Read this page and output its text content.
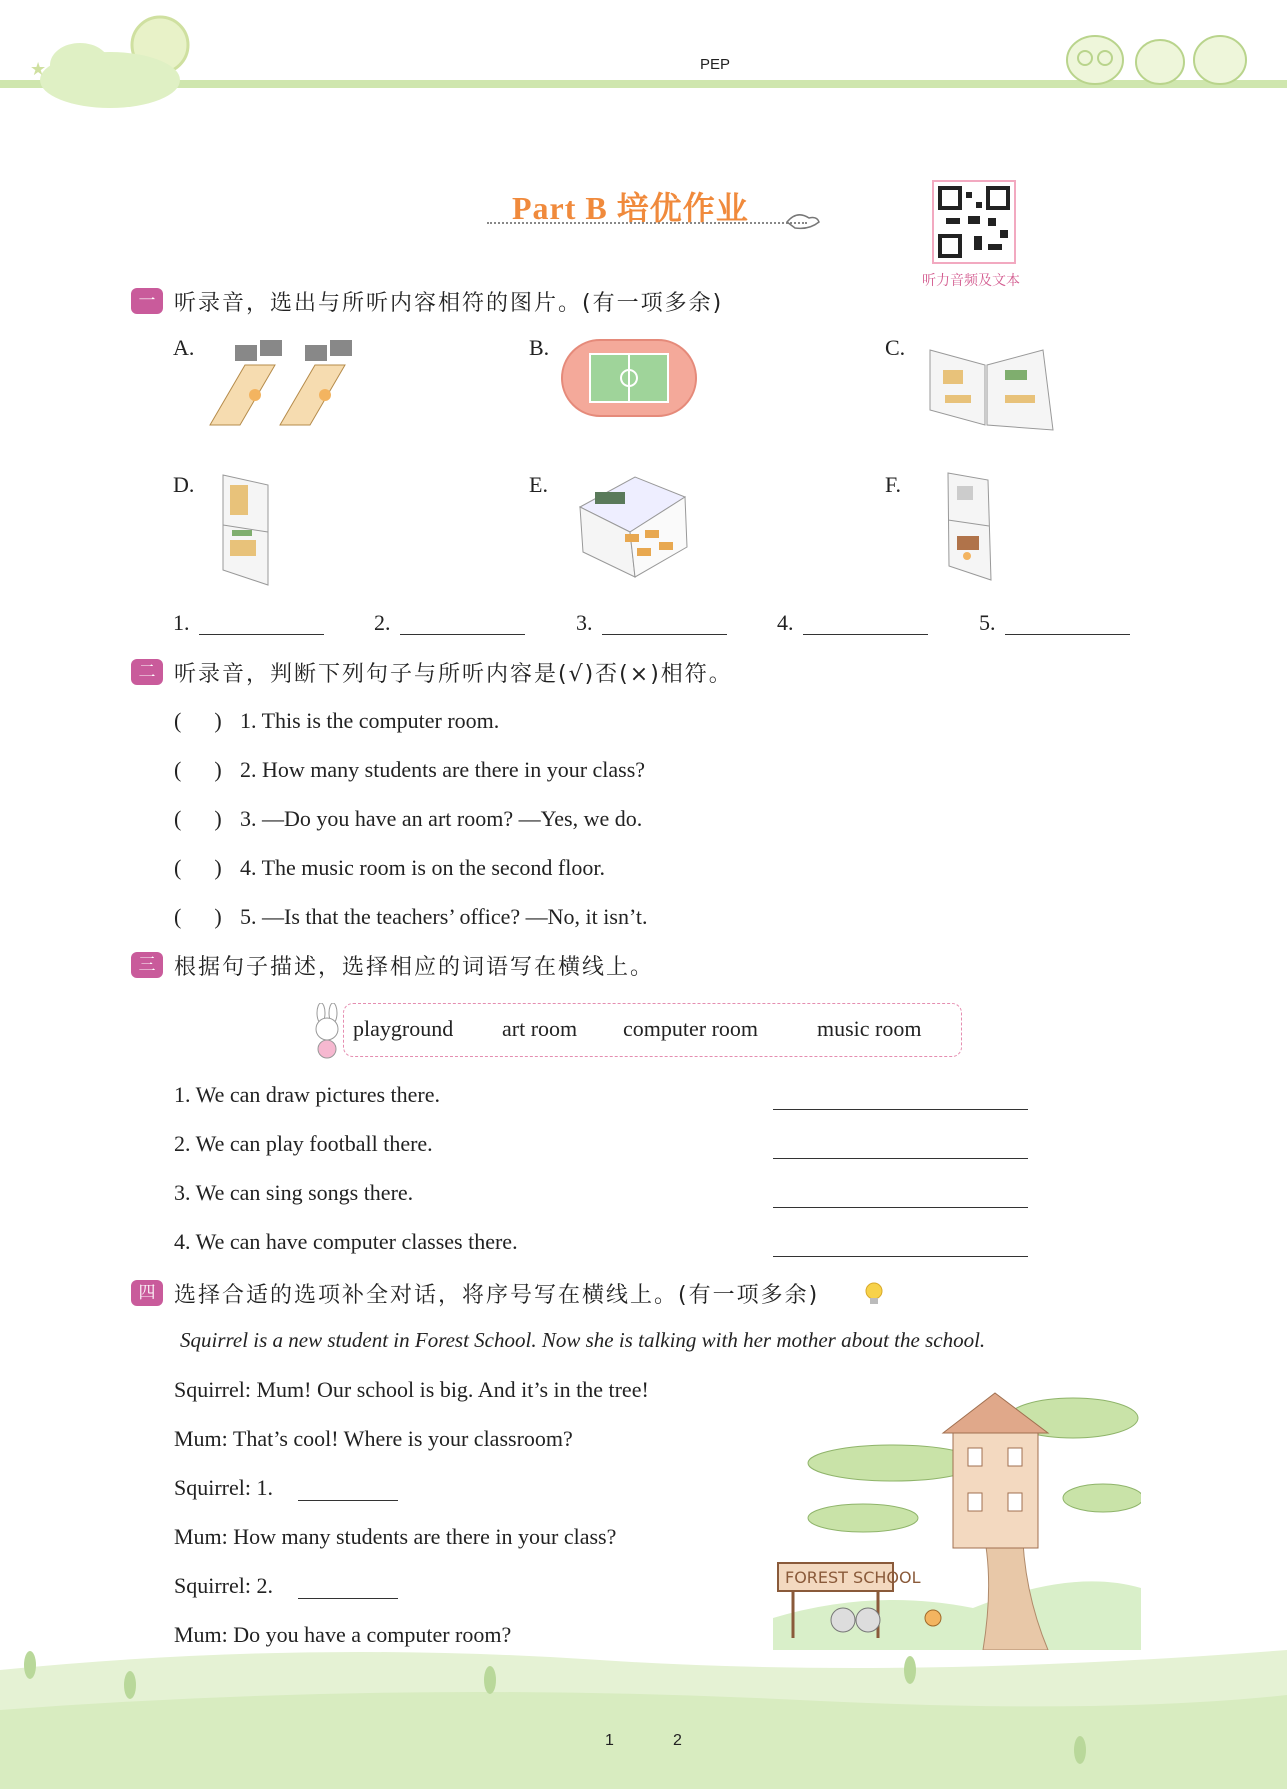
★	PEP
Part B 培优作业
听力音频及文本
一 听录音，选出与所听内容相符的图片。(有一项多余)
A.	B.	C.
D.	E.	F.
1.	2.	3.	4.	5.
二 听录音，判断下列句子与所听内容是(√)否(×)相符。
(      ) 1. This is the computer room.
(      ) 2. How many students are there in your class?
(      ) 3. —Do you have an art room? —Yes, we do.
(      ) 4. The music room is on the second floor.
(      ) 5. —Is that the teachers’ office? —No, it isn’t.
三 根据句子描述，选择相应的词语写在横线上。
playground art room computer room	music room
1. We can draw pictures there.
2. We can play football there.
3. We can sing songs there.
4. We can have computer classes there.
四 选择合适的选项补全对话，将序号写在横线上。(有一项多余)
Squirrel is a new student in Forest School. Now she is talking with her mother about the school.
Squirrel: Mum! Our school is big. And it’s in the tree!
Mum: That’s cool! Where is your classroom?
Squirrel: 1.
Mum: How many students are there in your class?
Squirrel: 2.
Mum: Do you have a computer room?
FOREST SCHOOL
1	2
